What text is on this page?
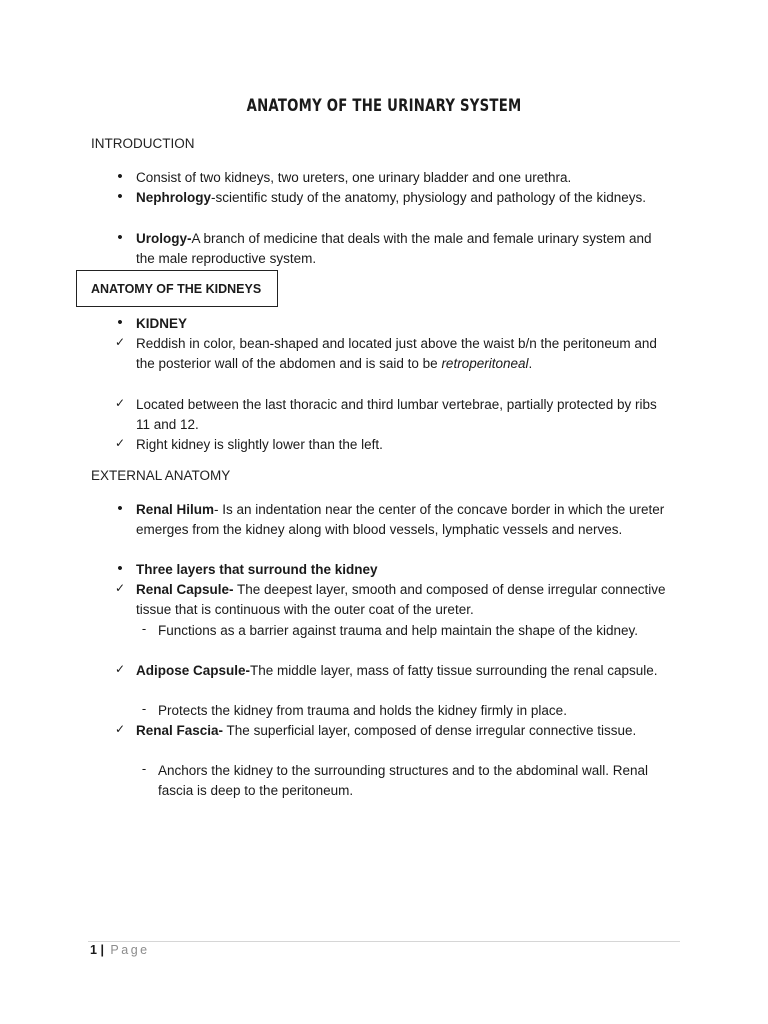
ANATOMY OF THE URINARY SYSTEM
INTRODUCTION
•
Consist of two kidneys, two ureters, one urinary bladder and one urethra.
•
Nephrology-scientific study of the anatomy, physiology and pathology of the kidneys.
•
Urology-A branch of medicine that deals with the male and female urinary system and the male reproductive system.
ANATOMY OF THE KIDNEYS
•
KIDNEY
✓
Reddish in color, bean-shaped and located just above the waist b/n the peritoneum and the posterior wall of the abdomen and is said to be retroperitoneal.
✓
Located between the last thoracic and third lumbar vertebrae, partially protected by ribs 11 and 12.
✓
Right kidney is slightly lower than the left.
EXTERNAL ANATOMY
•
Renal Hilum- Is an indentation near the center of the concave border in which the ureter emerges from the kidney along with blood vessels, lymphatic vessels and nerves.
•
Three layers that surround the kidney
✓
Renal Capsule- The deepest layer, smooth and composed of dense irregular connective tissue that is continuous with the outer coat of the ureter.
-
Functions as a barrier against trauma and help maintain the shape of the kidney.
✓
Adipose Capsule-The middle layer, mass of fatty tissue surrounding the renal capsule.
-
Protects the kidney from trauma and holds the kidney firmly in place.
✓
Renal Fascia- The superficial layer, composed of dense irregular connective tissue.
-
Anchors the kidney to the surrounding structures and to the abdominal wall. Renal fascia is deep to the peritoneum.
1 | Page
